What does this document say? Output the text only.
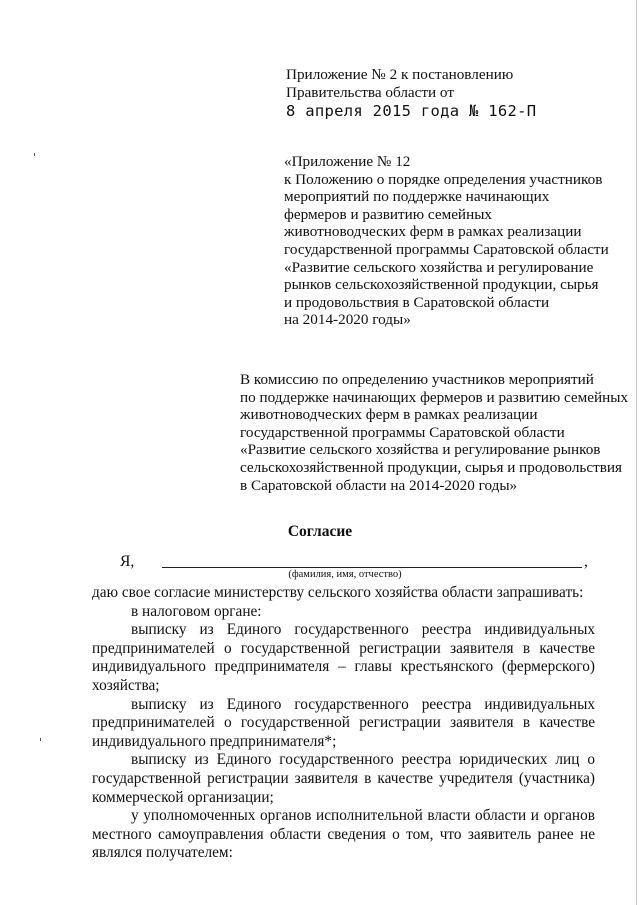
Приложение № 2 к постановлению
Правительства области от
8 апреля 2015 года № 162-П
«Приложение № 12
к Положению о порядке определения участников
мероприятий по поддержке начинающих
фермеров и развитию семейных
животноводческих ферм в рамках реализации
государственной программы Саратовской области
«Развитие сельского хозяйства и регулирование
рынков сельскохозяйственной продукции, сырья
и продовольствия в Саратовской области
на 2014-2020 годы»
В комиссию по определению участников мероприятий
по поддержке начинающих фермеров и развитию семейных
животноводческих ферм в рамках реализации
государственной программы Саратовской области
«Развитие сельского хозяйства и регулирование рынков
сельскохозяйственной продукции, сырья и продовольствия
в Саратовской области на 2014-2020 годы»
Согласие
Я,	,
(фамилия, имя, отчество)

даю свое согласие министерству сельского хозяйства области запрашивать:

в налоговом органе:

выписку из Единого государственного реестра индивидуальных предпринимателей о государственной регистрации заявителя в качестве индивидуального предпринимателя – главы крестьянского (фермерского) хозяйства;

выписку из Единого государственного реестра индивидуальных предпринимателей о государственной регистрации заявителя в качестве индивидуального предпринимателя*;

выписку из Единого государственного реестра юридических лиц о государственной регистрации заявителя в качестве учредителя (участника) коммерческой организации;

у уполномоченных органов исполнительной власти области и органов местного самоуправления области сведения о том, что заявитель ранее не являлся получателем:
